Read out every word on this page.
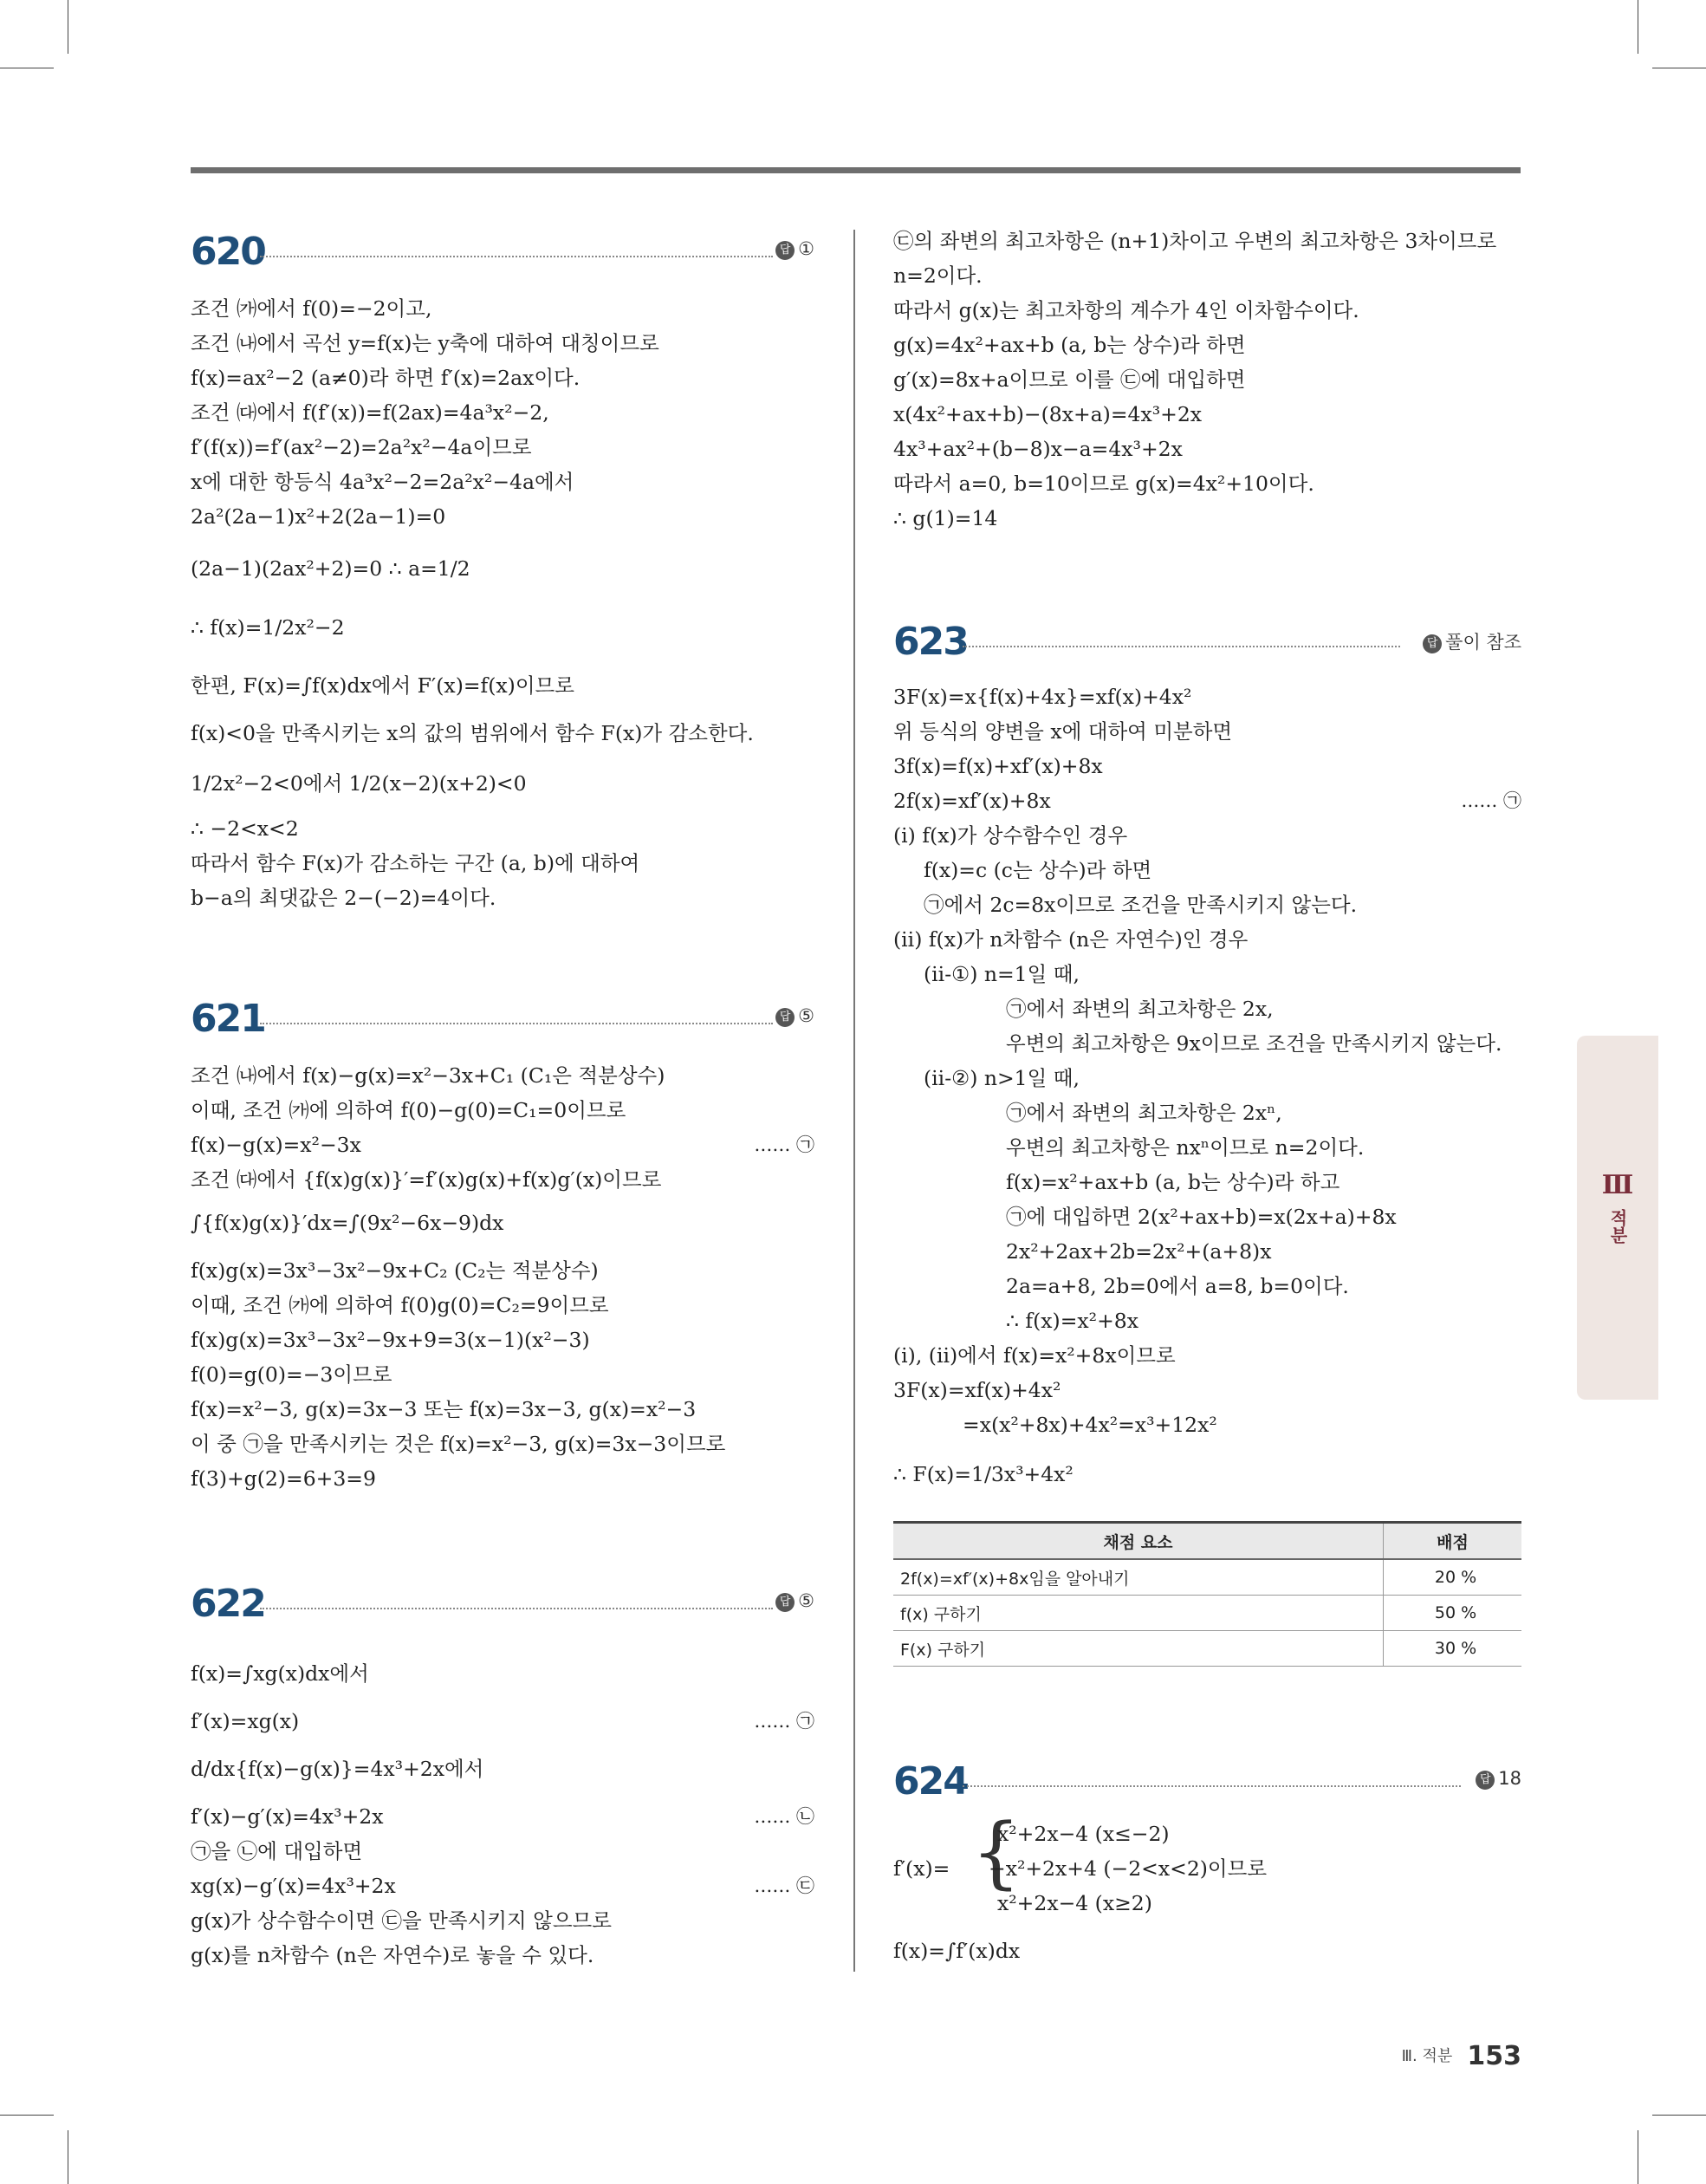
620	답 ①
조건 ㈎에서 f(0)=−2이고,
조건 ㈏에서 곡선 y=f(x)는 y축에 대하여 대칭이므로
f(x)=ax²−2 (a≠0)라 하면 f′(x)=2ax이다.
조건 ㈐에서 f(f′(x))=f(2ax)=4a³x²−2,
f′(f(x))=f′(ax²−2)=2a²x²−4a이므로
x에 대한 항등식 4a³x²−2=2a²x²−4a에서
2a²(2a−1)x²+2(2a−1)=0
(2a−1)(2ax²+2)=0 ∴ a=1/2
∴ f(x)=1/2x²−2
한편, F(x)=∫f(x)dx에서 F′(x)=f(x)이므로
f(x)<0을 만족시키는 x의 값의 범위에서 함수 F(x)가 감소한다.
1/2x²−2<0에서 1/2(x−2)(x+2)<0
∴ −2<x<2
따라서 함수 F(x)가 감소하는 구간 (a, b)에 대하여
b−a의 최댓값은 2−(−2)=4이다.
621	답 ⑤
조건 ㈏에서 f(x)−g(x)=x²−3x+C₁ (C₁은 적분상수)
이때, 조건 ㈎에 의하여 f(0)−g(0)=C₁=0이므로
f(x)−g(x)=x²−3x	…… ㉠
조건 ㈐에서 {f(x)g(x)}′=f′(x)g(x)+f(x)g′(x)이므로
∫{f(x)g(x)}′dx=∫(9x²−6x−9)dx
f(x)g(x)=3x³−3x²−9x+C₂ (C₂는 적분상수)
이때, 조건 ㈎에 의하여 f(0)g(0)=C₂=9이므로
f(x)g(x)=3x³−3x²−9x+9=3(x−1)(x²−3)
f(0)=g(0)=−3이므로
f(x)=x²−3, g(x)=3x−3 또는 f(x)=3x−3, g(x)=x²−3
이 중 ㉠을 만족시키는 것은 f(x)=x²−3, g(x)=3x−3이므로
f(3)+g(2)=6+3=9
622	답 ⑤
f(x)=∫xg(x)dx에서
f′(x)=xg(x)	…… ㉠
d/dx{f(x)−g(x)}=4x³+2x에서
f′(x)−g′(x)=4x³+2x	…… ㉡
㉠을 ㉡에 대입하면
xg(x)−g′(x)=4x³+2x	…… ㉢
g(x)가 상수함수이면 ㉢을 만족시키지 않으므로
g(x)를 n차함수 (n은 자연수)로 놓을 수 있다.
㉢의 좌변의 최고차항은 (n+1)차이고 우변의 최고차항은 3차이므로
n=2이다.
따라서 g(x)는 최고차항의 계수가 4인 이차함수이다.
g(x)=4x²+ax+b (a, b는 상수)라 하면
g′(x)=8x+a이므로 이를 ㉢에 대입하면
x(4x²+ax+b)−(8x+a)=4x³+2x
4x³+ax²+(b−8)x−a=4x³+2x
따라서 a=0, b=10이므로 g(x)=4x²+10이다.
∴ g(1)=14
623	답 풀이 참조
3F(x)=x{f(x)+4x}=xf(x)+4x²
위 등식의 양변을 x에 대하여 미분하면
3f(x)=f(x)+xf′(x)+8x
2f(x)=xf′(x)+8x	…… ㉠
(i) f(x)가 상수함수인 경우
f(x)=c (c는 상수)라 하면
㉠에서 2c=8x이므로 조건을 만족시키지 않는다.
(ii) f(x)가 n차함수 (n은 자연수)인 경우
(ii-①) n=1일 때,
㉠에서 좌변의 최고차항은 2x,
우변의 최고차항은 9x이므로 조건을 만족시키지 않는다.
(ii-②) n>1일 때,
㉠에서 좌변의 최고차항은 2xⁿ,
우변의 최고차항은 nxⁿ이므로 n=2이다.
f(x)=x²+ax+b (a, b는 상수)라 하고
㉠에 대입하면 2(x²+ax+b)=x(2x+a)+8x
2x²+2ax+2b=2x²+(a+8)x
2a=a+8, 2b=0에서 a=8, b=0이다.
∴ f(x)=x²+8x
(i), (ii)에서 f(x)=x²+8x이므로
3F(x)=xf(x)+4x²
=x(x²+8x)+4x²=x³+12x²
∴ F(x)=1/3x³+4x²
624	답 18
f′(x)= {
x²+2x−4 (x≤−2)
−x²+2x+4 (−2<x<2)이므로
x²+2x−4 (x≥2)
f(x)=∫f′(x)dx
채점 요소	배점
2f(x)=xf′(x)+8x임을 알아내기	20 %
f(x) 구하기	50 %
F(x) 구하기	30 %
Ⅲ
적분
Ⅲ. 적분 153
